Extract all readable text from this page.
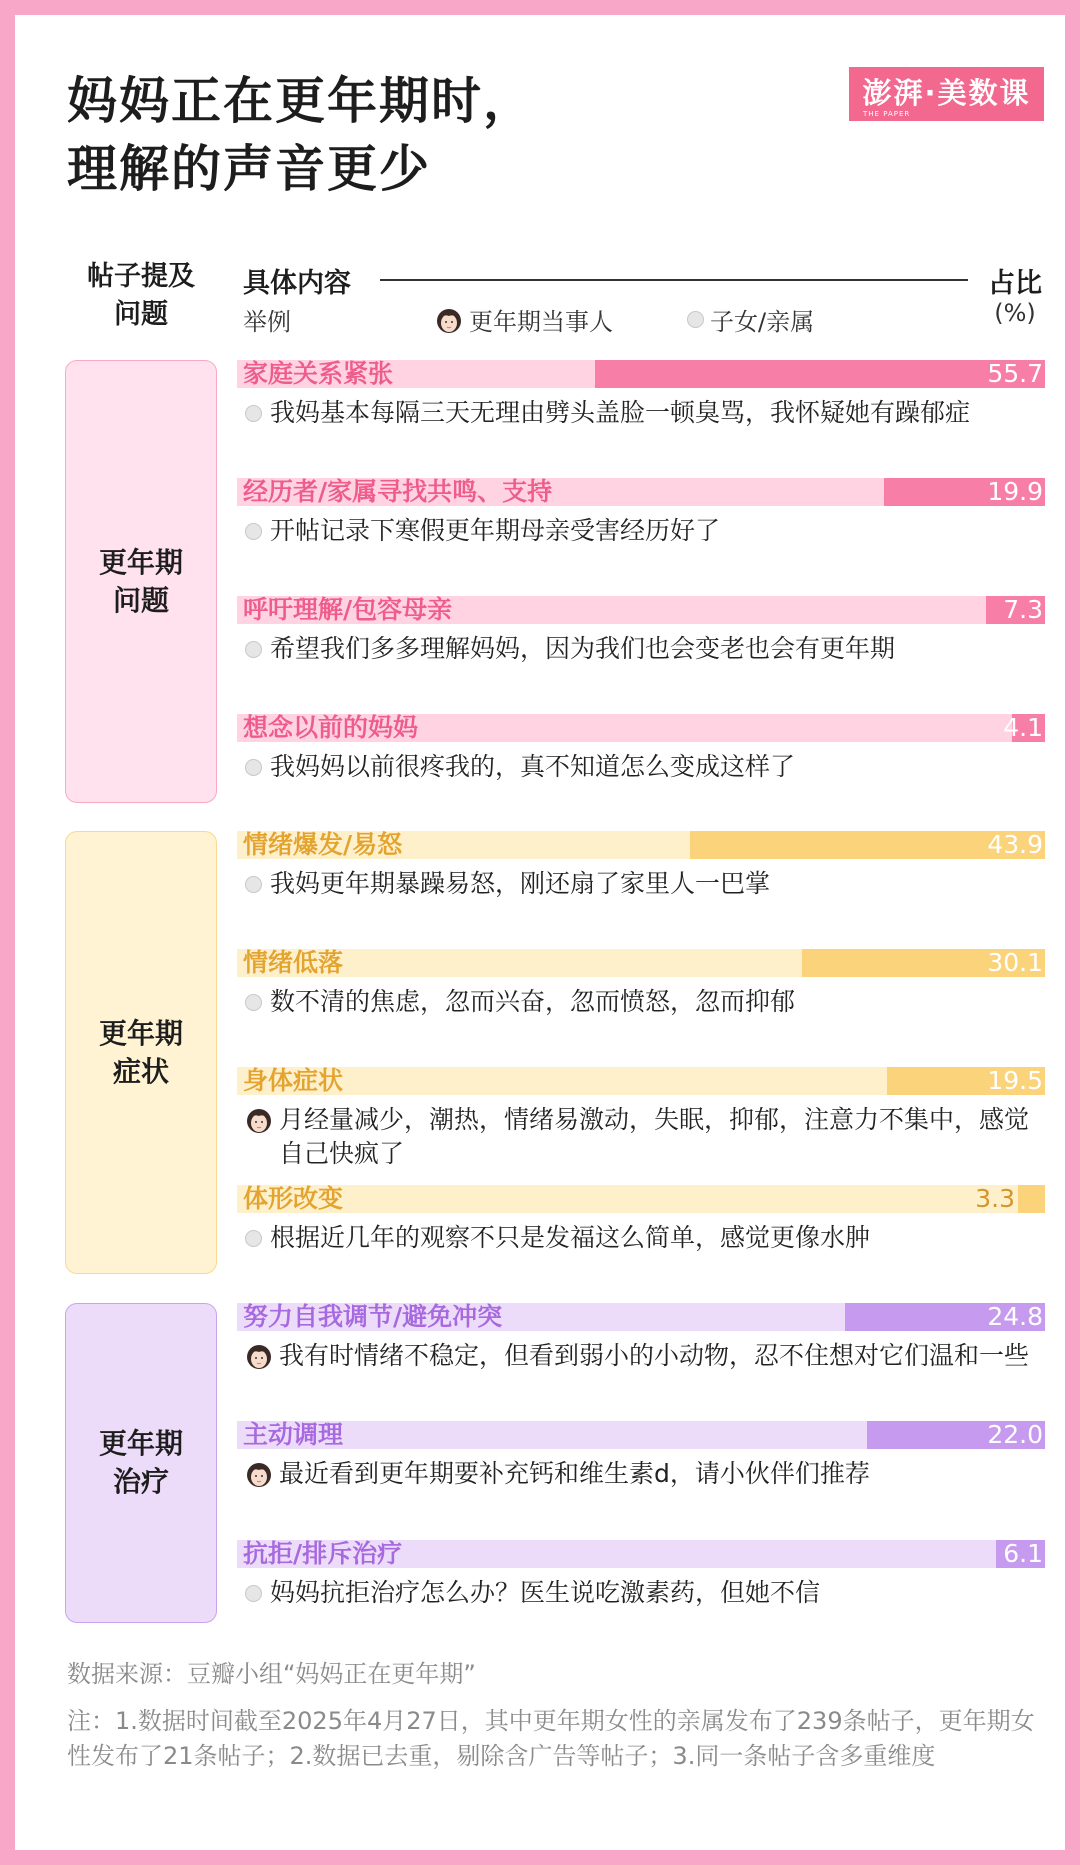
妈妈正在更年期时，
理解的声音更少
澎湃·美数课
THE PAPER
帖子提及
问题
具体内容	占比
(%)
举例	更年期当事人	子女/亲属
更年期
问题
更年期
症状
更年期
治疗
家庭关系紧张	55.7
我妈基本每隔三天无理由劈头盖脸一顿臭骂，我怀疑她有躁郁症
经历者/家属寻找共鸣、支持	19.9
开帖记录下寒假更年期母亲受害经历好了
呼吁理解/包容母亲	7.3
希望我们多多理解妈妈，因为我们也会变老也会有更年期
想念以前的妈妈	4.1
我妈妈以前很疼我的，真不知道怎么变成这样了
情绪爆发/易怒	43.9
我妈更年期暴躁易怒，刚还扇了家里人一巴掌
情绪低落	30.1
数不清的焦虑，忽而兴奋，忽而愤怒，忽而抑郁
身体症状	19.5
月经量减少，潮热，情绪易激动，失眠，抑郁，注意力不集中，感觉自己快疯了
体形改变	3.3
根据近几年的观察不只是发福这么简单，感觉更像水肿
努力自我调节/避免冲突	24.8
我有时情绪不稳定，但看到弱小的小动物，忍不住想对它们温和一些
主动调理	22.0
最近看到更年期要补充钙和维生素d，请小伙伴们推荐
抗拒/排斥治疗	6.1
妈妈抗拒治疗怎么办？医生说吃激素药，但她不信
数据来源：豆瓣小组“妈妈正在更年期”
注：1.数据时间截至2025年4月27日，其中更年期女性的亲属发布了239条帖子，更年期女性发布了21条帖子；2.数据已去重，剔除含广告等帖子；3.同一条帖子含多重维度
